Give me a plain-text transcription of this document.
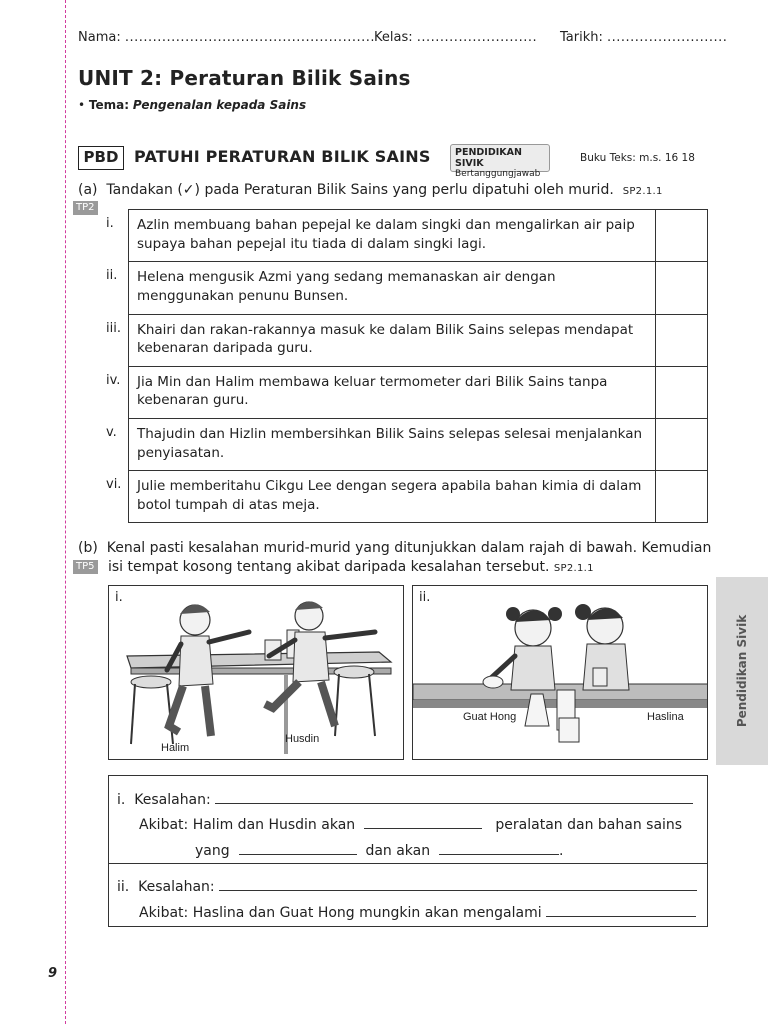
9
Nama: ...................................................... Kelas: .......................... Tarikh: ..........................
UNIT 2: Peraturan Bilik Sains
• Tema: Pengenalan kepada Sains
PBD PATUHI PERATURAN BILIK SAINS	PENDIDIKAN SIVIK
Bertanggungjawab
Buku Teks: m.s. 16 18
(a) Tandakan (✓) pada Peraturan Bilik Sains yang perlu dipatuhi oleh murid. SP2.1.1
TP2
i.	Azlin membuang bahan pepejal ke dalam singki dan mengalirkan air paip supaya bahan pepejal itu tiada di dalam singki lagi.
ii.	Helena mengusik Azmi yang sedang memanaskan air dengan menggunakan penunu Bunsen.
iii.	Khairi dan rakan-rakannya masuk ke dalam Bilik Sains selepas mendapat kebenaran daripada guru.
iv.	Jia Min dan Halim membawa keluar termometer dari Bilik Sains tanpa kebenaran guru.
v.	Thajudin dan Hizlin membersihkan Bilik Sains selepas selesai menjalankan penyiasatan.
vi.	Julie memberitahu Cikgu Lee dengan segera apabila bahan kimia di dalam botol tumpah di atas meja.
(b) Kenal pasti kesalahan murid-murid yang ditunjukkan dalam rajah di bawah. Kemudian
isi tempat kosong tentang akibat daripada kesalahan tersebut. SP2.1.1
TP5
i.
Halim
Husdin
ii.
Guat Hong	Haslina
i. Kesalahan:
Akibat: Halim dan Husdin akan	peralatan dan bahan sains
yang	dan akan	.
ii. Kesalahan:
Akibat: Haslina dan Guat Hong mungkin akan mengalami
Pendidikan Sivik
